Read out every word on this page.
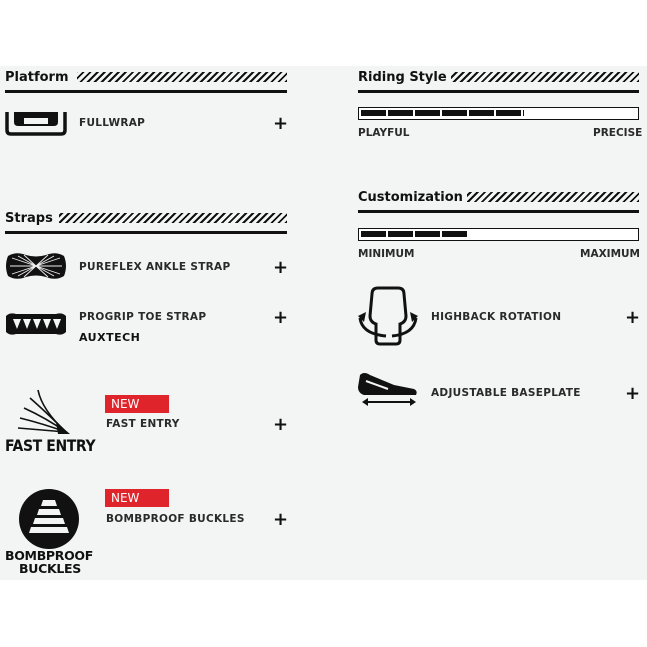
Platform
FULLWRAP	+
Straps
PUREFLEX ANKLE STRAP +
PROGRIP TOE STRAP
AUXTECH
+
FAST ENTRY
NEW
FAST ENTRY	+
BOMBPROOF
BUCKLES
NEW
BOMBPROOF BUCKLES +
Riding Style
PLAYFUL	PRECISE
Customization
MINIMUM	MAXIMUM
HIGHBACK ROTATION	+
ADJUSTABLE BASEPLATE +
